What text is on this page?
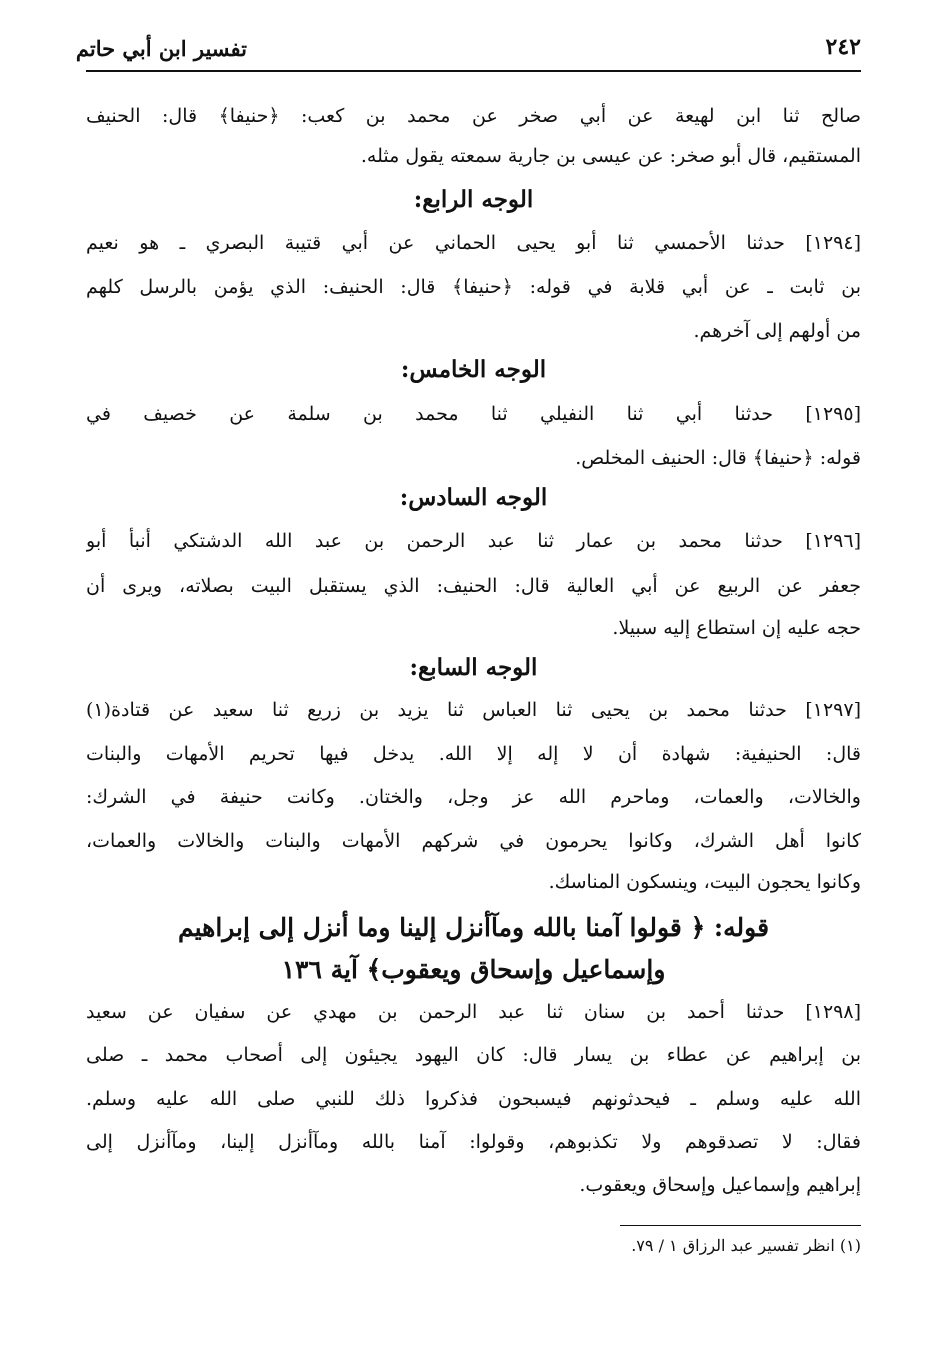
تفسير ابن أبي حاتم	٢٤٢
صالح ثنا ابن لهيعة عن أبي صخر عن محمد بن كعب: ﴿حنيفا﴾ قال: الحنيف
المستقيم، قال أبو صخر: عن عيسى بن جارية سمعته يقول مثله.
الوجه الرابع:
[١٢٩٤] حدثنا الأحمسي ثنا أبو يحيى الحماني عن أبي قتيبة البصري ـ هو نعيم
بن ثابت ـ عن أبي قلابة في قوله: ﴿حنيفا﴾ قال: الحنيف: الذي يؤمن بالرسل كلهم
من أولهم إلى آخرهم.
الوجه الخامس:
[١٢٩٥] حدثنا أبي ثنا النفيلي ثنا محمد بن سلمة عن خصيف في
قوله: ﴿حنيفا﴾ قال: الحنيف المخلص.
الوجه السادس:
[١٢٩٦] حدثنا محمد بن عمار ثنا عبد الرحمن بن عبد الله الدشتكي أنبأ أبو
جعفر عن الربيع عن أبي العالية قال: الحنيف: الذي يستقبل البيت بصلاته، ويرى أن
حجه عليه إن استطاع إليه سبيلا.
الوجه السابع:
[١٢٩٧] حدثنا محمد بن يحيى ثنا العباس ثنا يزيد بن زريع ثنا سعيد عن قتادة(١)
قال: الحنيفية: شهادة أن لا إله إلا الله. يدخل فيها تحريم الأمهات والبنات
والخالات، والعمات، وماحرم الله عز وجل، والختان. وكانت حنيفة في الشرك:
كانوا أهل الشرك، وكانوا يحرمون في شركهم الأمهات والبنات والخالات والعمات،
وكانوا يحجون البيت، وينسكون المناسك.
قوله: ﴿ قولوا آمنا بالله ومآأنزل إلينا وما أنزل إلى إبراهيم
وإسماعيل وإسحاق ويعقوب﴾ آية ١٣٦
[١٢٩٨] حدثنا أحمد بن سنان ثنا عبد الرحمن بن مهدي عن سفيان عن سعيد
بن إبراهيم عن عطاء بن يسار قال: كان اليهود يجيئون إلى أصحاب محمد ـ صلى
الله عليه وسلم ـ فيحدثونهم فيسبحون فذكروا ذلك للنبي صلى الله عليه وسلم.
فقال: لا تصدقوهم ولا تكذبوهم، وقولوا: آمنا بالله ومآأنزل إلينا، ومآأنزل إلى
إبراهيم وإسماعيل وإسحاق ويعقوب.
(١) انظر تفسير عبد الرزاق ١ / ٧٩.
